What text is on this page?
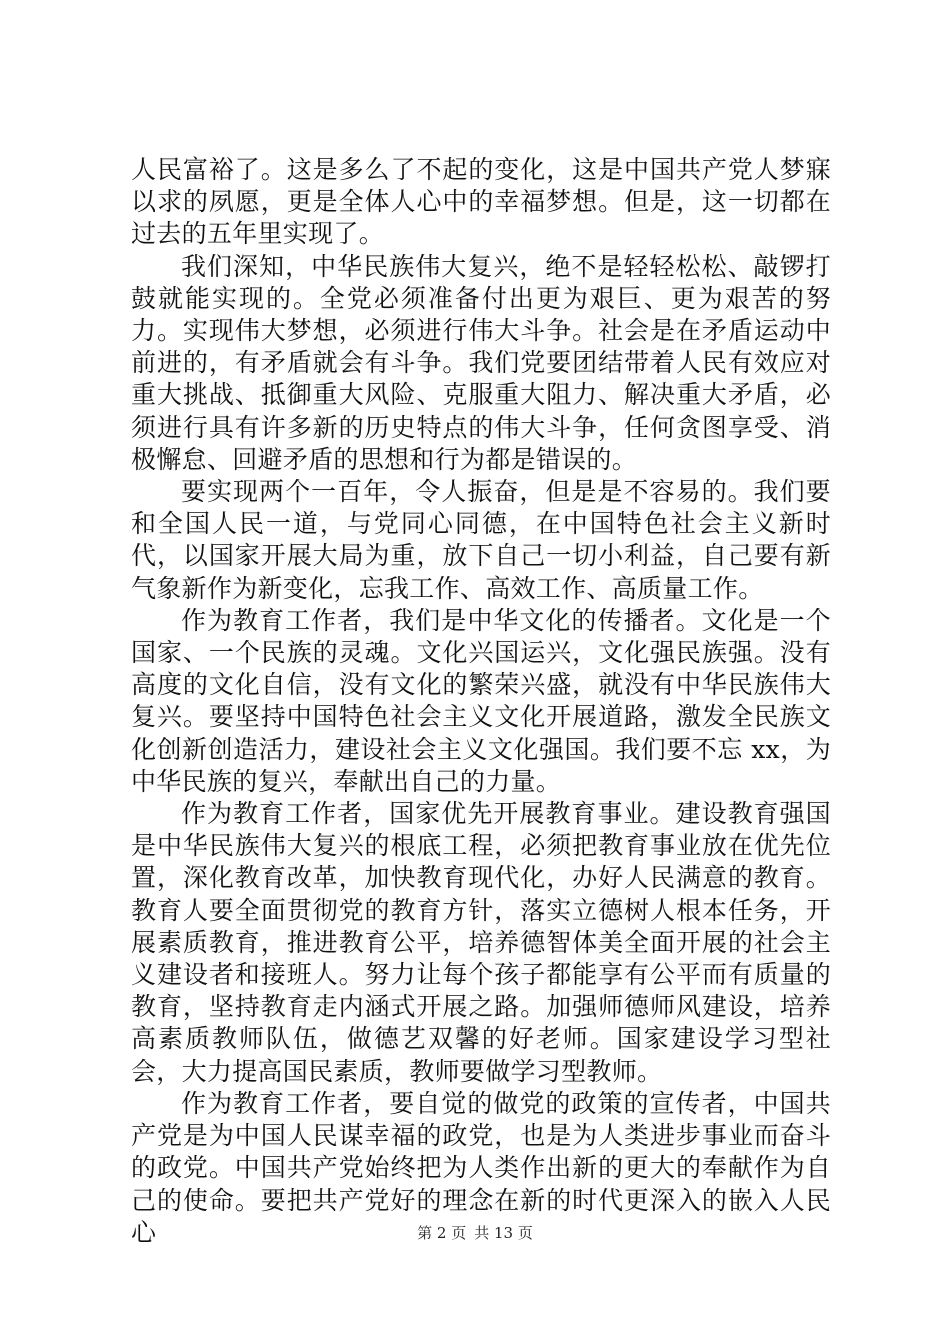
人民富裕了。这是多么了不起的变化，这是中国共产党人梦寐以求的夙愿，更是全体人心中的幸福梦想。但是，这一切都在过去的五年里实现了。

我们深知，中华民族伟大复兴，绝不是轻轻松松、敲锣打鼓就能实现的。全党必须准备付出更为艰巨、更为艰苦的努力。实现伟大梦想，必须进行伟大斗争。社会是在矛盾运动中前进的，有矛盾就会有斗争。我们党要团结带着人民有效应对重大挑战、抵御重大风险、克服重大阻力、解决重大矛盾，必须进行具有许多新的历史特点的伟大斗争，任何贪图享受、消极懈怠、回避矛盾的思想和行为都是错误的。

要实现两个一百年，令人振奋，但是是不容易的。我们要和全国人民一道，与党同心同德，在中国特色社会主义新时代，以国家开展大局为重，放下自己一切小利益，自己要有新气象新作为新变化，忘我工作、高效工作、高质量工作。

作为教育工作者，我们是中华文化的传播者。文化是一个国家、一个民族的灵魂。文化兴国运兴，文化强民族强。没有高度的文化自信，没有文化的繁荣兴盛，就没有中华民族伟大复兴。要坚持中国特色社会主义文化开展道路，激发全民族文化创新创造活力，建设社会主义文化强国。我们要不忘 xx，为中华民族的复兴，奉献出自己的力量。

作为教育工作者，国家优先开展教育事业。建设教育强国是中华民族伟大复兴的根底工程，必须把教育事业放在优先位置，深化教育改革，加快教育现代化，办好人民满意的教育。教育人要全面贯彻党的教育方针，落实立德树人根本任务，开展素质教育，推进教育公平，培养德智体美全面开展的社会主义建设者和接班人。努力让每个孩子都能享有公平而有质量的教育，坚持教育走内涵式开展之路。加强师德师风建设，培养高素质教师队伍，做德艺双馨的好老师。国家建设学习型社会，大力提高国民素质，教师要做学习型教师。

作为教育工作者，要自觉的做党的政策的宣传者，中国共产党是为中国人民谋幸福的政党，也是为人类进步事业而奋斗的政党。中国共产党始终把为人类作出新的更大的奉献作为自己的使命。要把共产党好的理念在新的时代更深入的嵌入人民心	第 2 页 共 13 页
